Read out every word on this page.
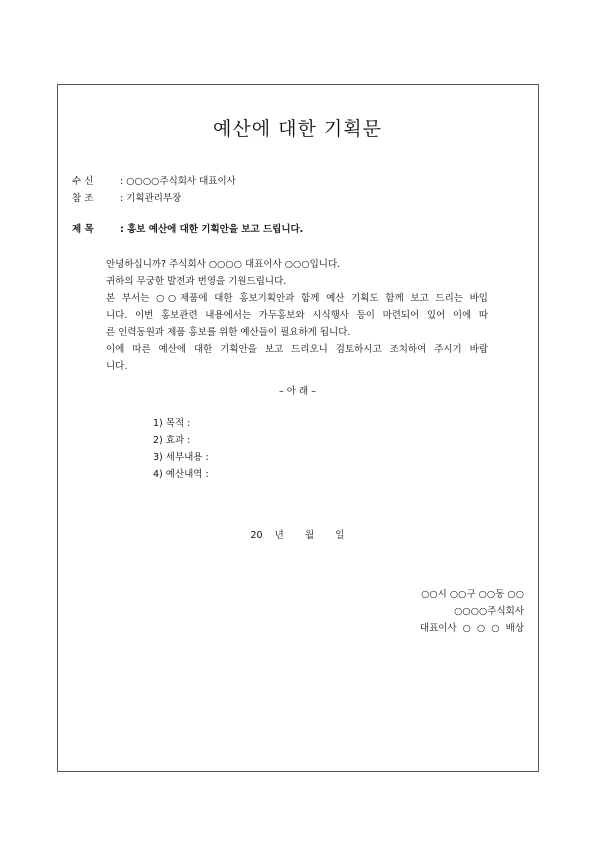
예산에 대한 기획문
수 신	: ○○○○주식회사 대표이사
참 조	: 기획관리부장
제 목	: 홍보 예산에 대한 기획안을 보고 드립니다.
안녕하십니까? 주식회사 ○○○○ 대표이사 ○○○입니다.
귀하의 무궁한 발전과 번영을 기원드립니다.
본 부서는 ○○제품에 대한 홍보기획안과 함께 예산 기획도 함께 보고 드리는 바입
니다. 이번 홍보관련 내용에서는 가두홍보와 시식행사 등이 마련되어 있어 이에 따
른 인력동원과 제품 홍보를 위한 예산들이 필요하게 됩니다.
이에 따른 예산에 대한 기획안을 보고 드리오니 검토하시고 조치하여 주시기 바랍
니다.
– 아 래 –
1) 목적 :
2) 효과 :
3) 세부내용 :
4) 예산내역 :
20    년       월       일
○○시 ○○구 ○○동 ○○
○○○○주식회사
대표이사  ○  ○  ○  배상
